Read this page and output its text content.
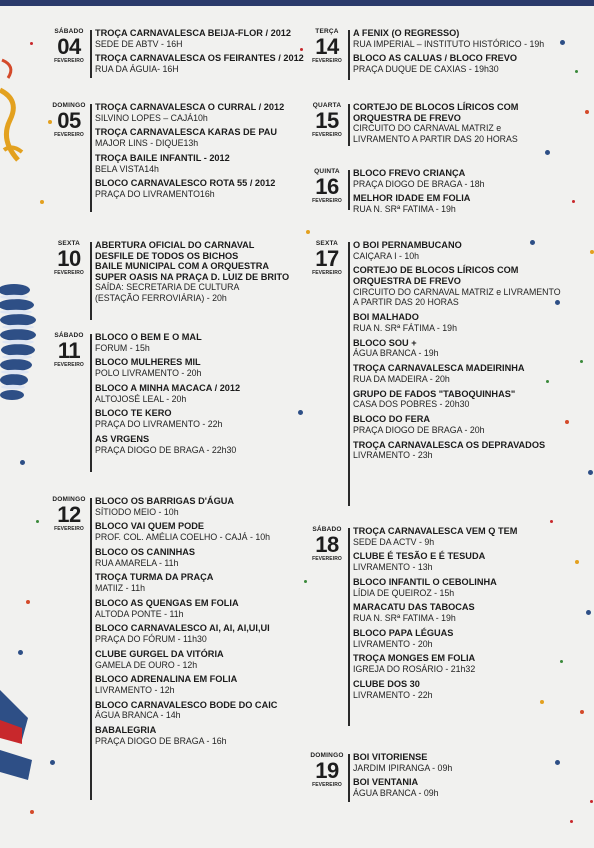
SÁBADO
04
FEVEREIRO
TROÇA CARNAVALESCA BEIJA-FLOR / 2012
SEDE DE ABTV - 16H
TROÇA CARNAVALESCA OS FEIRANTES / 2012
RUA DA ÁGUIA- 16H
DOMINGO
05
FEVEREIRO
TROÇA CARNAVALESCA O CURRAL / 2012
SILVINO LOPES – CAJÁ10h
TROÇA CARNAVALESCA KARAS DE PAU
MAJOR LINS - DIQUE13h
TROÇA BAILE INFANTIL - 2012
BELA VISTA14h
BLOCO CARNAVALESCO ROTA 55 / 2012
PRAÇA DO LIVRAMENTO16h
SEXTA
10
FEVEREIRO
ABERTURA OFICIAL DO CARNAVAL
DESFILE DE TODOS OS BICHOS
BAILE MUNICIPAL COM A ORQUESTRA
SUPER OASIS NA PRAÇA D. LUIZ DE BRITO
SAÍDA: SECRETARIA DE CULTURA
(ESTAÇÃO FERROVIÁRIA) - 20h
SÁBADO
11
FEVEREIRO
BLOCO O BEM E O MAL
FORUM - 15h
BLOCO MULHERES MIL
POLO LIVRAMENTO - 20h
BLOCO A MINHA MACACA / 2012
ALTOJOSÉ LEAL - 20h
BLOCO TE KERO
PRAÇA DO LIVRAMENTO - 22h
AS VRGENS
PRAÇA DIOGO DE BRAGA - 22h30
DOMINGO
12
FEVEREIRO
BLOCO OS BARRIGAS D'ÁGUA
SÍTIODO MEIO - 10h
BLOCO VAI QUEM PODE
PROF. COL. AMÉLIA COELHO - CAJÁ - 10h
BLOCO OS CANINHAS
RUA AMARELA - 11h
TROÇA TURMA DA PRAÇA
MATIIZ - 11h
BLOCO AS QUENGAS EM FOLIA
ALTODA PONTE - 11h
BLOCO CARNAVALESCO AI, AI, AI,UI,UI
PRAÇA DO FÓRUM - 11h30
CLUBE GURGEL DA VITÓRIA
GAMELA DE OURO - 12h
BLOCO ADRENALINA EM FOLIA
LIVRAMENTO - 12h
BLOCO CARNAVALESCO BODE DO CAIC
ÁGUA BRANCA - 14h
BABALEGRIA
PRAÇA DIOGO DE BRAGA - 16h
TERÇA
14
FEVEREIRO
A FENIX (O REGRESSO)
RUA IMPERIAL – INSTITUTO HISTÓRICO - 19h
BLOCO AS CALUAS / BLOCO FREVO
PRAÇA DUQUE DE CAXIAS - 19h30
QUARTA
15
FEVEREIRO
CORTEJO DE BLOCOS LÍRICOS COM
ORQUESTRA DE FREVO
CIRCUITO DO CARNAVAL MATRIZ e
LIVRAMENTO A PARTIR DAS 20 HORAS
QUINTA
16
FEVEREIRO
BLOCO FREVO CRIANÇA
PRAÇA DIOGO DE BRAGA - 18h
MELHOR IDADE EM FOLIA
RUA N. SRª FATIMA - 19h
SEXTA
17
FEVEREIRO
O BOI PERNAMBUCANO
CAIÇARA I - 10h
CORTEJO DE BLOCOS LÍRICOS COM
ORQUESTRA DE FREVO
CIRCUITO DO CARNAVAL MATRIZ e LIVRAMENTO
A PARTIR DAS 20 HORAS
BOI MALHADO
RUA N. SRª FÁTIMA - 19h
BLOCO SOU +
ÁGUA BRANCA - 19h
TROÇA CARNAVALESCA MADEIRINHA
RUA DA MADEIRA - 20h
GRUPO DE FADOS "TABOQUINHAS"
CASA DOS POBRES - 20h30
BLOCO DO FERA
PRAÇA DIOGO DE BRAGA - 20h
TROÇA CARNAVALESCA OS DEPRAVADOS
LIVRAMENTO - 23h
SÁBADO
18
FEVEREIRO
TROÇA CARNAVALESCA VEM Q TEM
SEDE DA ACTV - 9h
CLUBE É TESÃO E É TESUDA
LIVRAMENTO - 13h
BLOCO INFANTIL O CEBOLINHA
LÍDIA DE QUEIROZ - 15h
MARACATU DAS TABOCAS
RUA N. SRª FATIMA - 19h
BLOCO PAPA LÉGUAS
LIVRAMENTO - 20h
TROÇA MONGES EM FOLIA
IGREJA DO ROSÁRIO - 21h32
CLUBE DOS 30
LIVRAMENTO - 22h
DOMINGO
19
FEVEREIRO
BOI VITORIENSE
JARDIM IPIRANGA - 09h
BOI VENTANIA
ÁGUA BRANCA - 09h
